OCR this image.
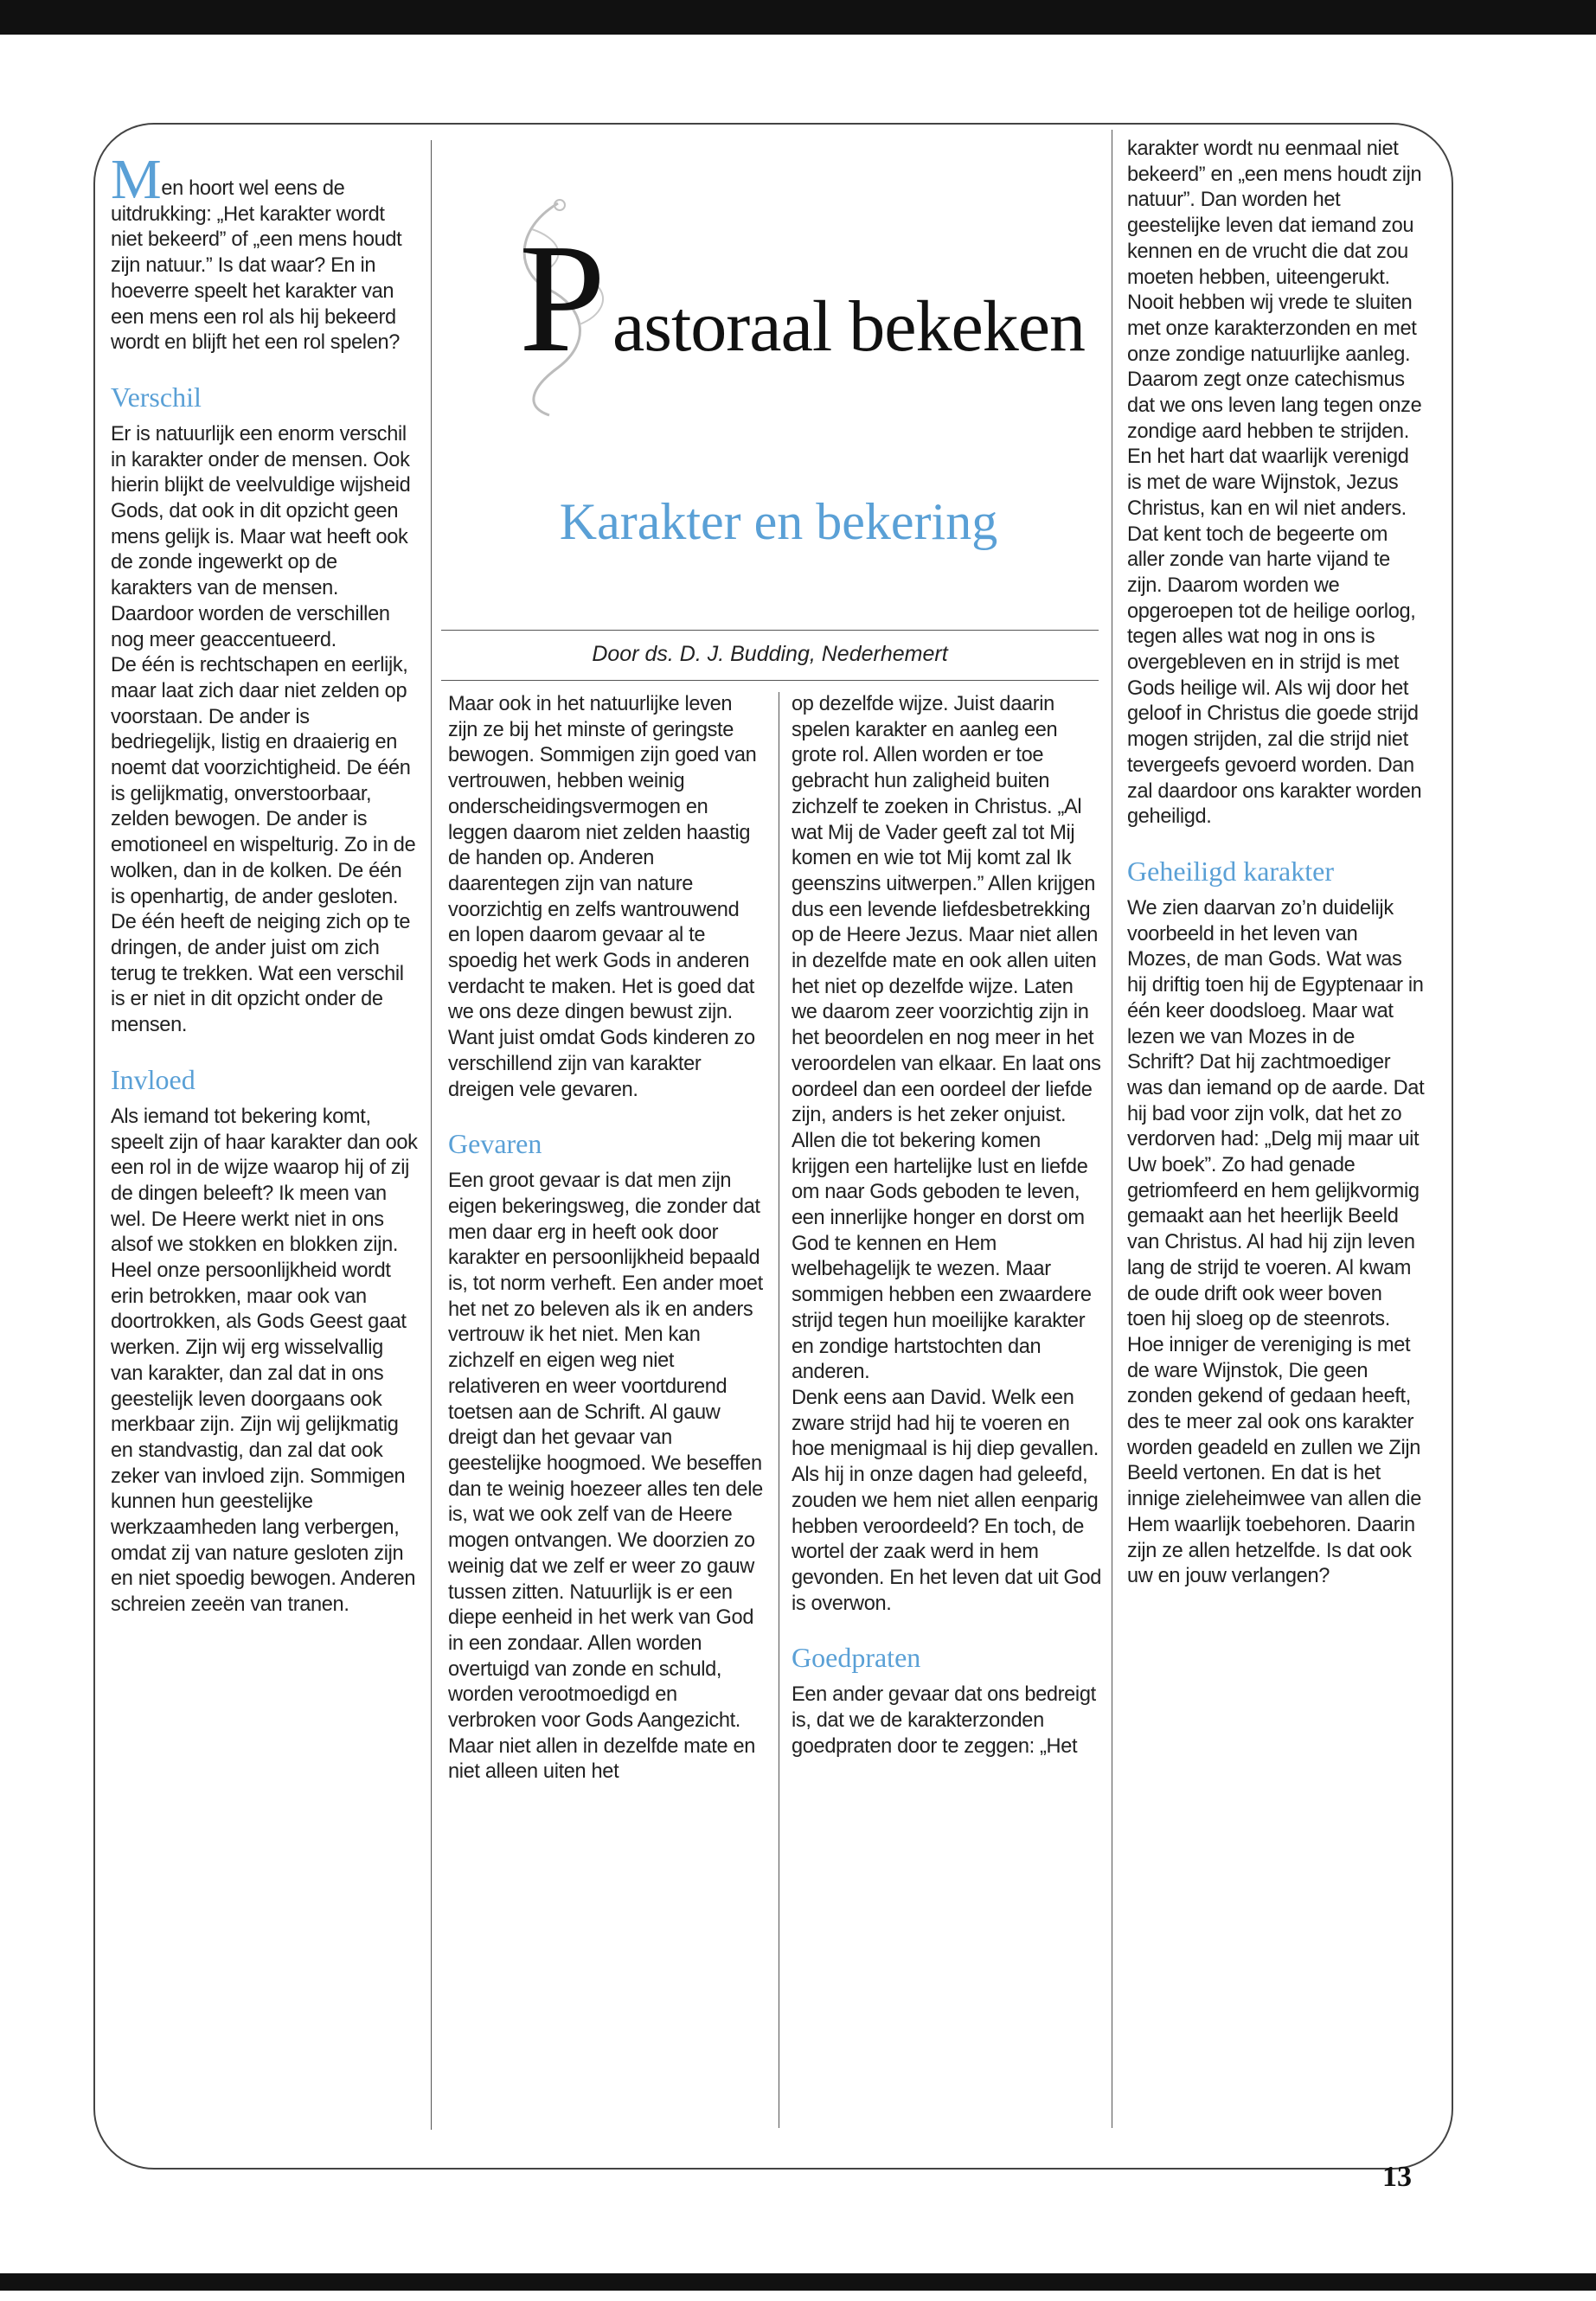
P astoraal bekeken
Karakter en bekering
Door ds. D. J. Budding, Nederhemert

Men hoort wel eens de uitdrukking: „Het karakter wordt niet bekeerd” of „een mens houdt zijn natuur.” Is dat waar? En in hoeverre speelt het karakter van een mens een rol als hij bekeerd wordt en blijft het een rol spelen?

Verschil

Er is natuurlijk een enorm verschil in karakter onder de mensen. Ook hierin blijkt de veelvuldige wijsheid Gods, dat ook in dit opzicht geen mens gelijk is. Maar wat heeft ook de zonde ingewerkt op de karakters van de mensen. Daardoor worden de verschillen nog meer geaccentueerd.

De één is rechtschapen en eerlijk, maar laat zich daar niet zelden op voorstaan. De ander is bedriegelijk, listig en draaierig en noemt dat voorzichtigheid. De één is gelijkmatig, onverstoorbaar, zelden bewogen. De ander is emotioneel en wispelturig. Zo in de wolken, dan in de kolken. De één is openhartig, de ander gesloten. De één heeft de neiging zich op te dringen, de ander juist om zich terug te trekken. Wat een verschil is er niet in dit opzicht onder de mensen.

Invloed

Als iemand tot bekering komt, speelt zijn of haar karakter dan ook een rol in de wijze waarop hij of zij de dingen beleeft? Ik meen van wel. De Heere werkt niet in ons alsof we stokken en blokken zijn. Heel onze persoonlijkheid wordt erin betrokken, maar ook van doortrokken, als Gods Geest gaat werken. Zijn wij erg wisselvallig van karakter, dan zal dat in ons geestelijk leven doorgaans ook merkbaar zijn. Zijn wij gelijkmatig en standvastig, dan zal dat ook zeker van invloed zijn. Sommigen kunnen hun geestelijke werkzaamheden lang verbergen, omdat zij van nature gesloten zijn en niet spoedig bewogen. Anderen schreien zeeën van tranen.

Maar ook in het natuurlijke leven zijn ze bij het minste of geringste bewogen. Sommigen zijn goed van vertrouwen, hebben weinig onderscheidingsvermogen en leggen daarom niet zelden haastig de handen op. Anderen daarentegen zijn van nature voorzichtig en zelfs wantrouwend en lopen daarom gevaar al te spoedig het werk Gods in anderen verdacht te maken. Het is goed dat we ons deze dingen bewust zijn. Want juist omdat Gods kinderen zo verschillend zijn van karakter dreigen vele gevaren.

Gevaren

Een groot gevaar is dat men zijn eigen bekeringsweg, die zonder dat men daar erg in heeft ook door karakter en persoonlijkheid bepaald is, tot norm verheft. Een ander moet het net zo beleven als ik en anders vertrouw ik het niet. Men kan zichzelf en eigen weg niet relativeren en weer voortdurend toetsen aan de Schrift. Al gauw dreigt dan het gevaar van geestelijke hoogmoed. We beseffen dan te weinig hoezeer alles ten dele is, wat we ook zelf van de Heere mogen ontvangen. We doorzien zo weinig dat we zelf er weer zo gauw tussen zitten. Natuurlijk is er een diepe eenheid in het werk van God in een zondaar. Allen worden overtuigd van zonde en schuld, worden verootmoedigd en verbroken voor Gods Aangezicht. Maar niet allen in dezelfde mate en niet alleen uiten het

op dezelfde wijze. Juist daarin spelen karakter en aanleg een grote rol. Allen worden er toe gebracht hun zaligheid buiten zichzelf te zoeken in Christus. „Al wat Mij de Vader geeft zal tot Mij komen en wie tot Mij komt zal Ik geenszins uitwerpen.” Allen krijgen dus een levende liefdesbetrekking op de Heere Jezus. Maar niet allen in dezelfde mate en ook allen uiten het niet op dezelfde wijze. Laten we daarom zeer voorzichtig zijn in het beoordelen en nog meer in het veroordelen van elkaar. En laat ons oordeel dan een oordeel der liefde zijn, anders is het zeker onjuist. Allen die tot bekering komen krijgen een hartelijke lust en liefde om naar Gods geboden te leven, een innerlijke honger en dorst om God te kennen en Hem welbehagelijk te wezen. Maar sommigen hebben een zwaardere strijd tegen hun moeilijke karakter en zondige hartstochten dan anderen.

Denk eens aan David. Welk een zware strijd had hij te voeren en hoe menigmaal is hij diep gevallen. Als hij in onze dagen had geleefd, zouden we hem niet allen eenparig hebben veroordeeld? En toch, de wortel der zaak werd in hem gevonden. En het leven dat uit God is overwon.

Goedpraten

Een ander gevaar dat ons bedreigt is, dat we de karakterzonden goedpraten door te zeggen: „Het

karakter wordt nu eenmaal niet bekeerd” en „een mens houdt zijn natuur”. Dan worden het geestelijke leven dat iemand zou kennen en de vrucht die dat zou moeten hebben, uiteengerukt. Nooit hebben wij vrede te sluiten met onze karakterzonden en met onze zondige natuurlijke aanleg. Daarom zegt onze catechismus dat we ons leven lang tegen onze zondige aard hebben te strijden. En het hart dat waarlijk verenigd is met de ware Wijnstok, Jezus Christus, kan en wil niet anders. Dat kent toch de begeerte om aller zonde van harte vijand te zijn. Daarom worden we opgeroepen tot de heilige oorlog, tegen alles wat nog in ons is overgebleven en in strijd is met Gods heilige wil. Als wij door het geloof in Christus die goede strijd mogen strijden, zal die strijd niet tevergeefs gevoerd worden. Dan zal daardoor ons karakter worden geheiligd.

Geheiligd karakter

We zien daarvan zo’n duidelijk voorbeeld in het leven van Mozes, de man Gods. Wat was hij driftig toen hij de Egyptenaar in één keer doodsloeg. Maar wat lezen we van Mozes in de Schrift? Dat hij zachtmoediger was dan iemand op de aarde. Dat hij bad voor zijn volk, dat het zo verdorven had: „Delg mij maar uit Uw boek”. Zo had genade getriomfeerd en hem gelijkvormig gemaakt aan het heerlijk Beeld van Christus. Al had hij zijn leven lang de strijd te voeren. Al kwam de oude drift ook weer boven toen hij sloeg op de steenrots.

Hoe inniger de vereniging is met de ware Wijnstok, Die geen zonden gekend of gedaan heeft, des te meer zal ook ons karakter worden geadeld en zullen we Zijn Beeld vertonen. En dat is het innige zieleheimwee van allen die Hem waarlijk toebehoren. Daarin zijn ze allen hetzelfde. Is dat ook uw en jouw verlangen?

13
